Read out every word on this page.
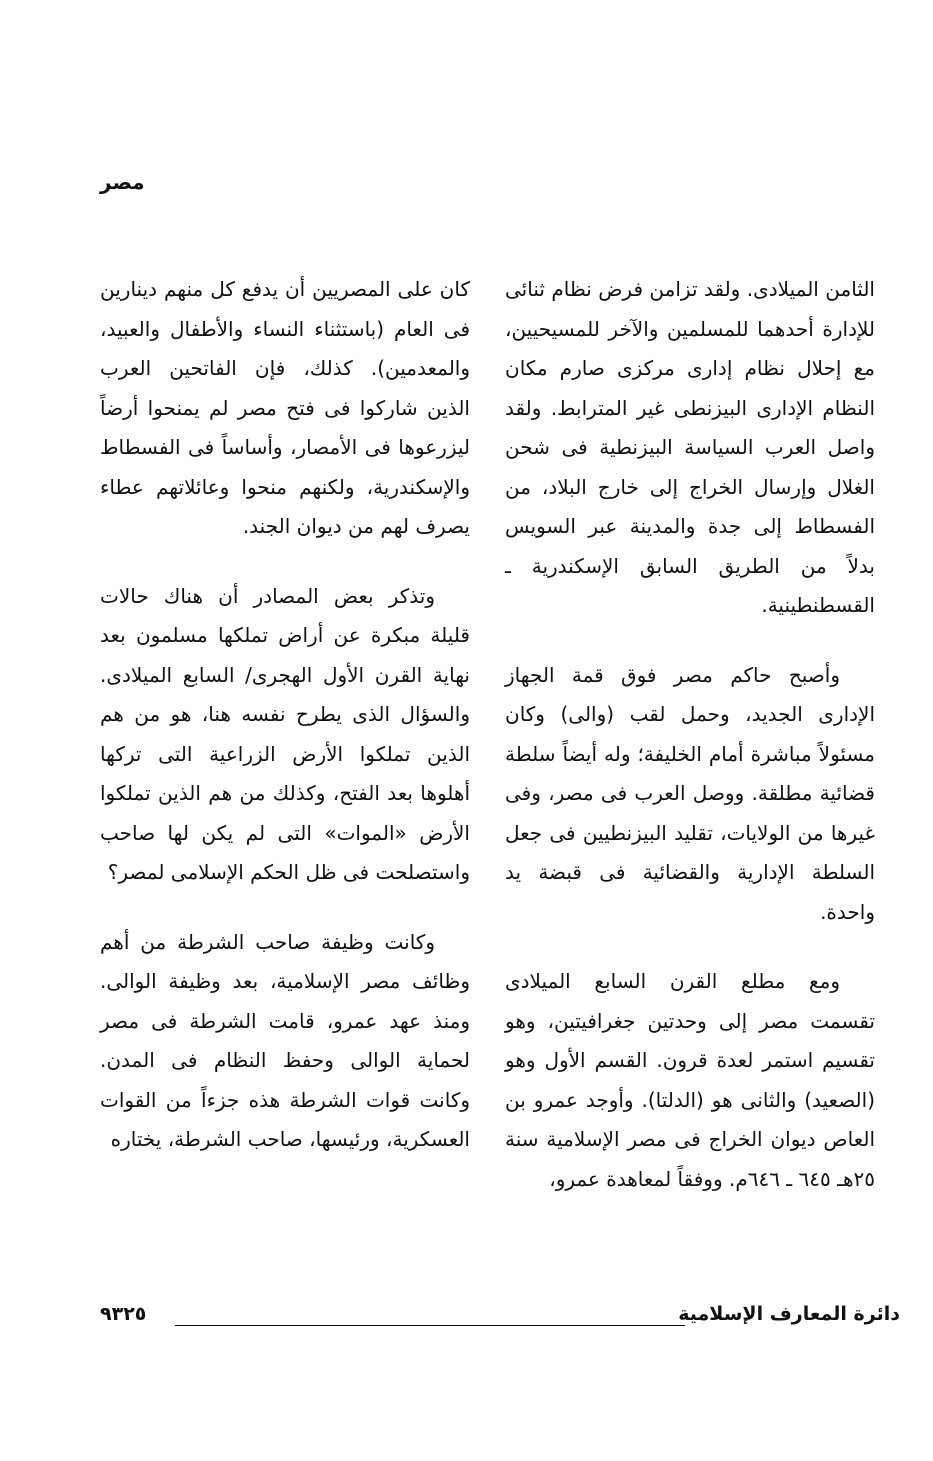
مصر

الثامن الميلادى. ولقد تزامن فرض نظام ثنائى للإدارة أحدهما للمسلمين والآخر للمسيحيين، مع إحلال نظام إدارى مركزى صارم مكان النظام الإدارى البيزنطى غير المترابط. ولقد واصل العرب السياسة البيزنطية فى شحن الغلال وإرسال الخراج إلى خارج البلاد، من الفسطاط إلى جدة والمدينة عبر السويس بدلاً من الطريق السابق الإسكندرية ـ القسطنطينية.

وأصبح حاكم مصر فوق قمة الجهاز الإدارى الجديد، وحمل لقب (والى) وكان مسئولاً مباشرة أمام الخليفة؛ وله أيضاً سلطة قضائية مطلقة. ووصل العرب فى مصر، وفى غيرها من الولايات، تقليد البيزنطيين فى جعل السلطة الإدارية والقضائية فى قبضة يد واحدة.

ومع مطلع القرن السابع الميلادى تقسمت مصر إلى وحدتين جغرافيتين، وهو تقسيم استمر لعدة قرون. القسم الأول وهو (الصعيد) والثانى هو (الدلتا). وأوجد عمرو بن العاص ديوان الخراج فى مصر الإسلامية سنة ٢٥هـ ٦٤٥ ـ ٦٤٦م. ووفقاً لمعاهدة عمرو،

كان على المصريين أن يدفع كل منهم دينارين فى العام (باستثناء النساء والأطفال والعبيد، والمعدمين). كذلك، فإن الفاتحين العرب الذين شاركوا فى فتح مصر لم يمنحوا أرضاً ليزرعوها فى الأمصار، وأساساً فى الفسطاط والإسكندرية، ولكنهم منحوا وعائلاتهم عطاء يصرف لهم من ديوان الجند.

وتذكر بعض المصادر أن هناك حالات قليلة مبكرة عن أراض تملكها مسلمون بعد نهاية القرن الأول الهجرى/ السابع الميلادى. والسؤال الذى يطرح نفسه هنا، هو من هم الذين تملكوا الأرض الزراعية التى تركها أهلوها بعد الفتح، وكذلك من هم الذين تملكوا الأرض «الموات» التى لم يكن لها صاحب واستصلحت فى ظل الحكم الإسلامى لمصر؟

وكانت وظيفة صاحب الشرطة من أهم وظائف مصر الإسلامية، بعد وظيفة الوالى. ومنذ عهد عمرو، قامت الشرطة فى مصر لحماية الوالى وحفظ النظام فى المدن. وكانت قوات الشرطة هذه جزءاً من القوات العسكرية، ورئيسها، صاحب الشرطة، يختاره

دائرة المعارف الإسلامية
٩٣٢٥
